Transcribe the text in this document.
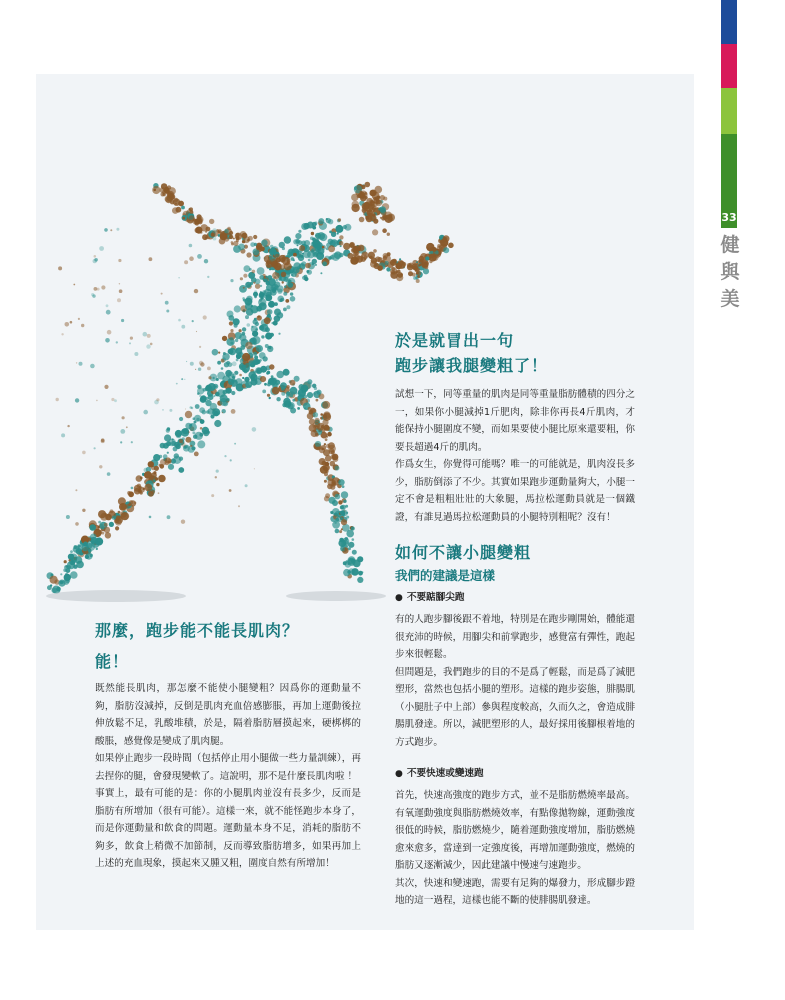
33
健
與
美
於是就冒出一句
跑步讓我腿變粗了！

試想一下，同等重量的肌肉是同等重量脂肪體積的四分之一，如果你小腿減掉1斤肥肉，除非你再長4斤肌肉，才能保持小腿圍度不變，而如果要使小腿比原來還要粗，你要長超過4斤的肌肉。

作爲女生，你覺得可能嗎？唯一的可能就是，肌肉沒長多少，脂肪倒添了不少。其實如果跑步運動量夠大，小腿一定不會是粗粗壯壯的大象腿，馬拉松運動員就是一個鐵證，有誰見過馬拉松運動員的小腿特別粗呢？沒有！

如何不讓小腿變粗
我們的建議是這樣
● 不要踮腳尖跑

有的人跑步腳後跟不着地，特別是在跑步剛開始，體能還很充沛的時候，用腳尖和前掌跑步，感覺富有彈性，跑起步來很輕鬆。

但問題是，我們跑步的目的不是爲了輕鬆，而是爲了減肥塑形，當然也包括小腿的塑形。這樣的跑步姿態，腓腸肌（小腿肚子中上部）參與程度較高，久而久之，會造成腓腸肌發達。所以，減肥塑形的人，最好採用後腳根着地的方式跑步。

● 不要快速或變速跑

首先，快速高強度的跑步方式，並不是脂肪燃燒率最高。有氧運動強度與脂肪燃燒效率，有點像拋物線，運動強度很低的時候，脂肪燃燒少，隨着運動強度增加，脂肪燃燒愈來愈多，當達到一定強度後，再增加運動強度，燃燒的脂肪又逐漸減少，因此建議中慢速勻速跑步。

其次，快速和變速跑，需要有足夠的爆發力，形成腳步蹬地的這一過程，這樣也能不斷的使腓腸肌發達。

那麼，跑步能不能長肌肉？
能！

既然能長肌肉，那怎麼不能使小腿變粗？因爲你的運動量不夠，脂肪沒減掉，反倒是肌肉充血倍感膨脹，再加上運動後拉伸放鬆不足，乳酸堆積，於是，隔着脂肪層摸起來，硬梆梆的酸脹，感覺像是變成了肌肉腿。

如果停止跑步一段時間（包括停止用小腿做一些力量訓練），再去捏你的腿，會發現變軟了。這說明，那不是什麼長肌肉啦 ！

事實上，最有可能的是：你的小腿肌肉並沒有長多少，反而是脂肪有所增加（很有可能）。這樣一來，就不能怪跑步本身了，而是你運動量和飲食的問題。運動量本身不足，消耗的脂肪不夠多，飲食上稍微不加節制，反而導致脂肪增多，如果再加上上述的充血現象，摸起來又腫又粗，圍度自然有所增加！
